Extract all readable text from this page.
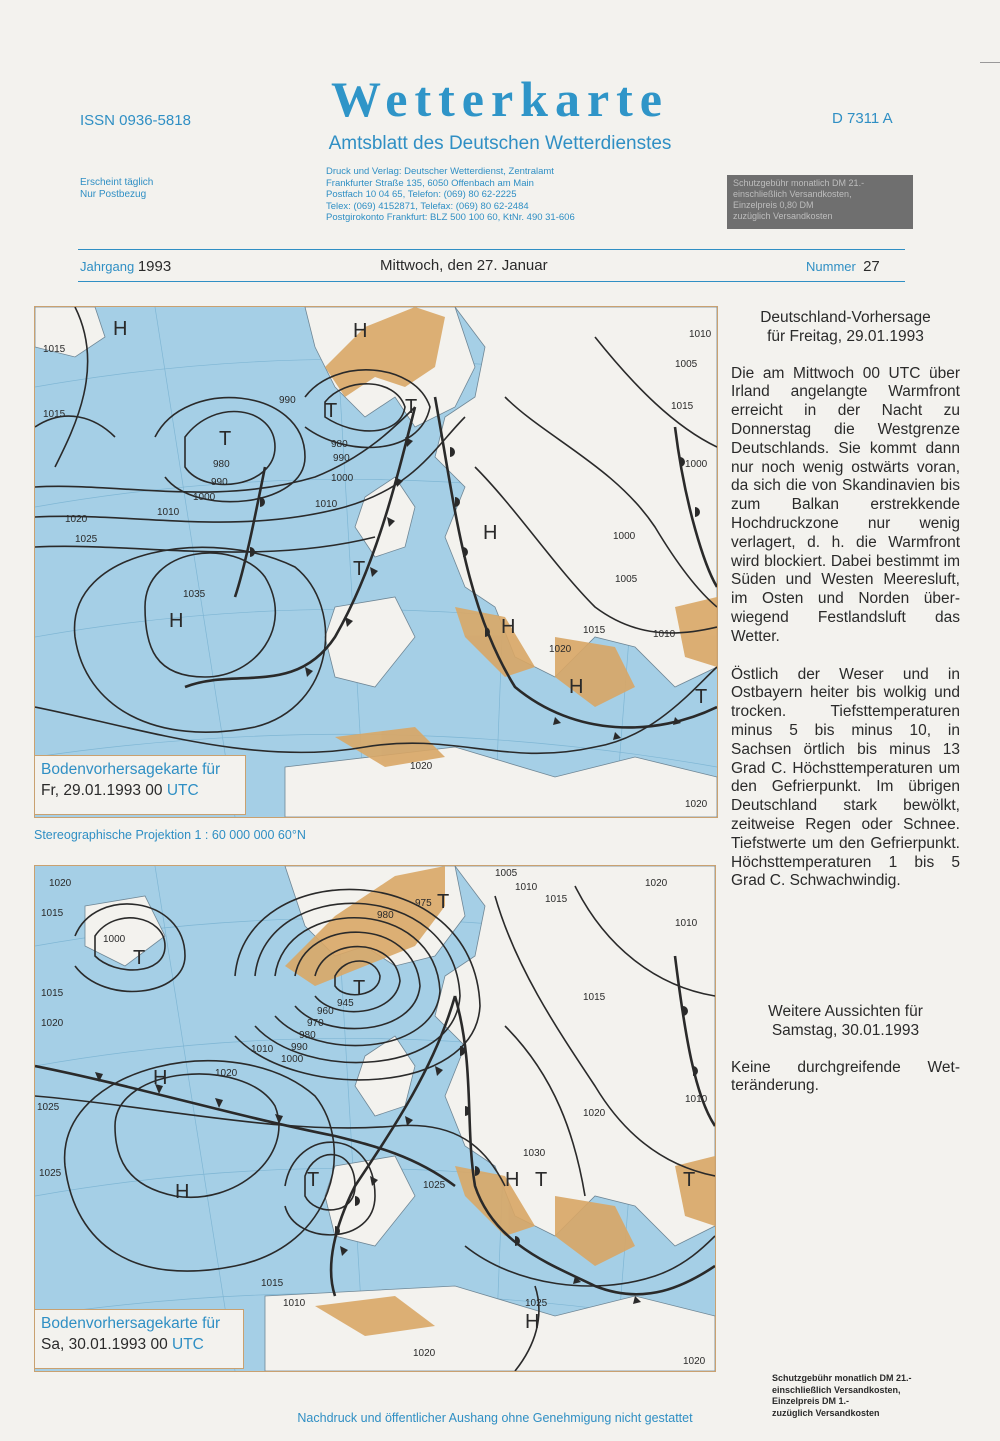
Wetterkarte
ISSN 0936-5818	D 7311 A
Amtsblatt des Deutschen Wetterdienstes
Erscheint täglich
Nur Postbezug
Druck und Verlag: Deutscher Wetterdienst, Zentralamt
Frankfurter Straße 135, 6050 Offenbach am Main
Postfach 10 04 65, Telefon: (069) 80 62-2225
Telex: (069) 4152871, Telefax: (069) 80 62-2484
Postgirokonto Frankfurt: BLZ 500 100 60, KtNr. 490 31-606
Schutzgebühr monatlich DM 21.-
einschließlich Versandkosten,
Einzelpreis 0,80 DM
zuzüglich Versandkosten
Jahrgang 1993	Mittwoch, den 27. Januar	Nummer 27
H	H
H
H	H
H
T
T	T
T
T
1015
1015
1020
1025
980
990
1000
1010
990
980
990
1000
1010
1035
1020
1010
1005
1000
1000
1005
1015	1010
1020
1015
1020
Bodenvorhersagekarte für
Fr, 29.01.1993 00 UTC
Stereographische Projektion 1 : 60 000 000 60°N
H
H
H
H
T
T
T
T	T	T
1020
1015
1000
1015
1020
1025
1025
980
975
945
960
970
980
990
1000
1010
1020
1005
1010
1015
1020
1010
1015
1010
1020
1030
1025
1015
1010	1025
1020
1020
Bodenvorhersagekarte für
Sa, 30.01.1993 00 UTC
Deutschland-Vorhersage
für Freitag, 29.01.1993

Die am Mittwoch 00 UTC über Irland angelangte Warmfront erreicht in der Nacht zu Donnerstag die Westgrenze Deutschlands. Sie kommt dann nur noch wenig ostwärts voran, da sich die von Skandinavien bis zum Balkan erstrekkende Hochdruckzone nur wenig verlagert, d. h. die Warmfront wird blockiert. Dabei bestimmt im Süden und Westen Meeresluft, im Osten und Norden überwiegend Festlandsluft das Wetter.

Östlich der Weser und in Ostbayern heiter bis wolkig und trocken. Tiefsttemperaturen minus 5 bis minus 10, in Sachsen örtlich bis minus 13 Grad C. Höchsttemperaturen um den Gefrierpunkt. Im übrigen Deutschland stark bewölkt, zeitweise Regen oder Schnee. Tiefstwerte um den Gefrierpunkt. Höchsttemperaturen 1 bis 5 Grad C. Schwachwindig.

Weitere Aussichten für
Samstag, 30.01.1993

Keine durchgreifende Wetteränderung.

Schutzgebühr monatlich DM 21.-
einschließlich Versandkosten,
Einzelpreis DM 1.-
zuzüglich Versandkosten
Nachdruck und öffentlicher Aushang ohne Genehmigung nicht gestattet
